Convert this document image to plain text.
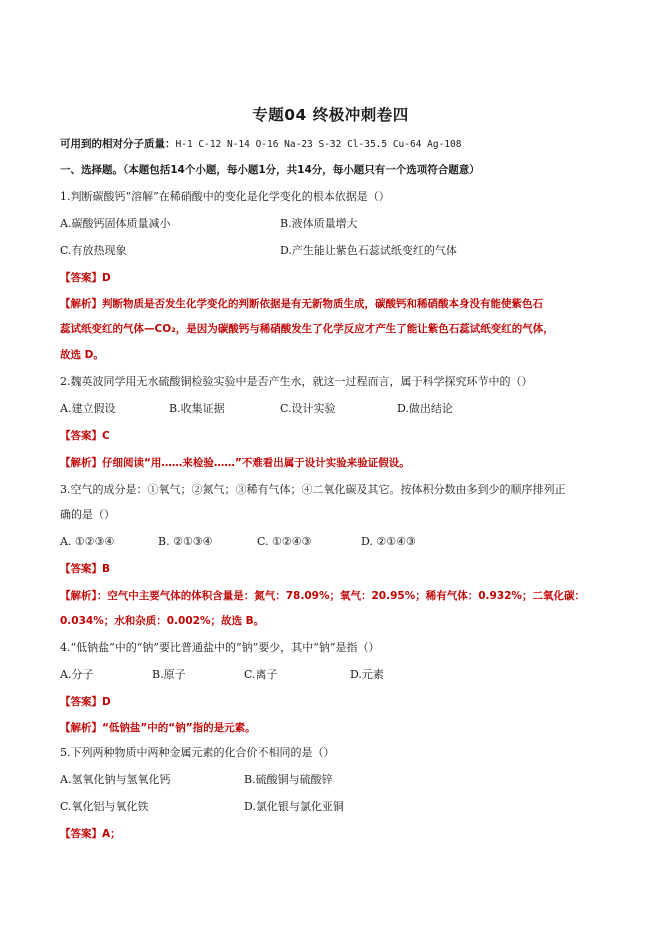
专题04 终极冲刺卷四
可用到的相对分子质量：H-1 C-12 N-14 O-16 Na-23 S-32 Cl-35.5 Cu-64 Ag-108
一、选择题。（本题包括14个小题，每小题1分，共14分，每小题只有一个选项符合题意）
1.判断碳酸钙“溶解”在稀硝酸中的变化是化学变化的根本依据是（）
A.碳酸钙固体质量减小	B.液体质量增大
C.有放热现象	D.产生能让紫色石蕊试纸变红的气体
【答案】D
【解析】判断物质是否发生化学变化的判断依据是有无新物质生成，碳酸钙和稀硝酸本身没有能使紫色石
蕊试纸变红的气体—CO₂，是因为碳酸钙与稀硝酸发生了化学反应才产生了能让紫色石蕊试纸变红的气体，
故选 D。
2.魏英波同学用无水硫酸铜检验实验中是否产生水，就这一过程而言，属于科学探究环节中的（）
A.建立假设	B.收集证据	C.设计实验	D.做出结论
【答案】C
【解析】仔细阅读“用……来检验……”不难看出属于设计实验来验证假设。
3.空气的成分是：①氧气；②氮气；③稀有气体；④二氧化碳及其它。按体积分数由多到少的顺序排列正
确的是（）
A. ①②③④	B. ②①③④	C. ①②④③	D. ②①④③
【答案】B
【解析】：空气中主要气体的体积含量是：氮气：78.09%；氧气：20.95%；稀有气体：0.932%；二氧化碳：
0.034%；水和杂质：0.002%；故选 B。
4.“低钠盐”中的“钠”要比普通盐中的“钠”要少，其中“钠”是指（）
A.分子	B.原子	C.离子	D.元素
【答案】D
【解析】“低钠盐”中的“钠”指的是元素。
5.下列两种物质中两种金属元素的化合价不相同的是（）
A.氢氧化钠与氢氧化钙	B.硫酸铜与硫酸锌
C.氧化铝与氧化铁	D.氯化银与氯化亚铜
【答案】A；
